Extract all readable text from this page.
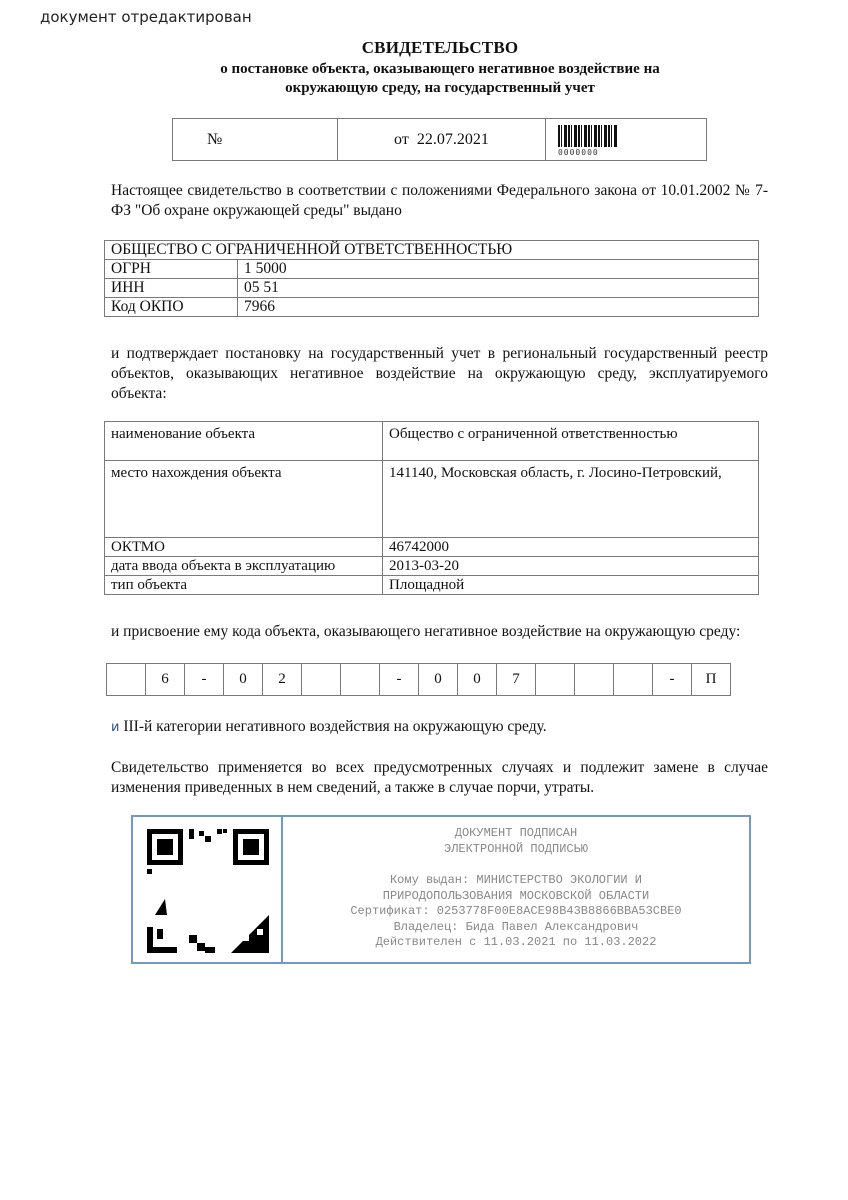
документ отредактирован
СВИДЕТЕЛЬСТВО
о постановке объекта, оказывающего негативное воздействие на
окружающую среду, на государственный учет
№	от 22.07.2021	
0000000
Настоящее свидетельство в соответствии с положениями Федерального закона от 10.01.2002 № 7-ФЗ "Об охране окружающей среды" выдано
ОБЩЕСТВО С ОГРАНИЧЕННОЙ ОТВЕТСТВЕННОСТЬЮ	
ОГРН	1 5000
ИНН	05 51
Код ОКПО	7966
и подтверждает постановку на государственный учет в региональный государственный реестр объектов, оказывающих негативное воздействие на окружающую среду, эксплуатируемого объекта:
наименование объекта	Общество с ограниченной ответственностью
место нахождения объекта	141140, Московская область, г. Лосино-Петровский,
ОКТМО	46742000
дата ввода объекта в эксплуатацию	2013-03-20
тип объекта	Площадной
и присвоение ему кода объекта, оказывающего негативное воздействие на окружающую среду:
	6	-	0	2			-	0	0	7				-	П
и III-й категории негативного воздействия на окружающую среду.
Свидетельство применяется во всех предусмотренных случаях и подлежит замене в случае изменения приведенных в нем сведений, а также в случае порчи, утраты.
ДОКУМЕНТ ПОДПИСАН
ЭЛЕКТРОННОЙ ПОДПИСЬЮ
Кому выдан: МИНИСТЕРСТВО ЭКОЛОГИИ И
ПРИРОДОПОЛЬЗОВАНИЯ МОСКОВСКОЙ ОБЛАСТИ
Сертификат: 0253778F00E8ACE98B43B8866BBA53CBE0
Владелец: Бида Павел Александрович
Действителен с 11.03.2021 по 11.03.2022
